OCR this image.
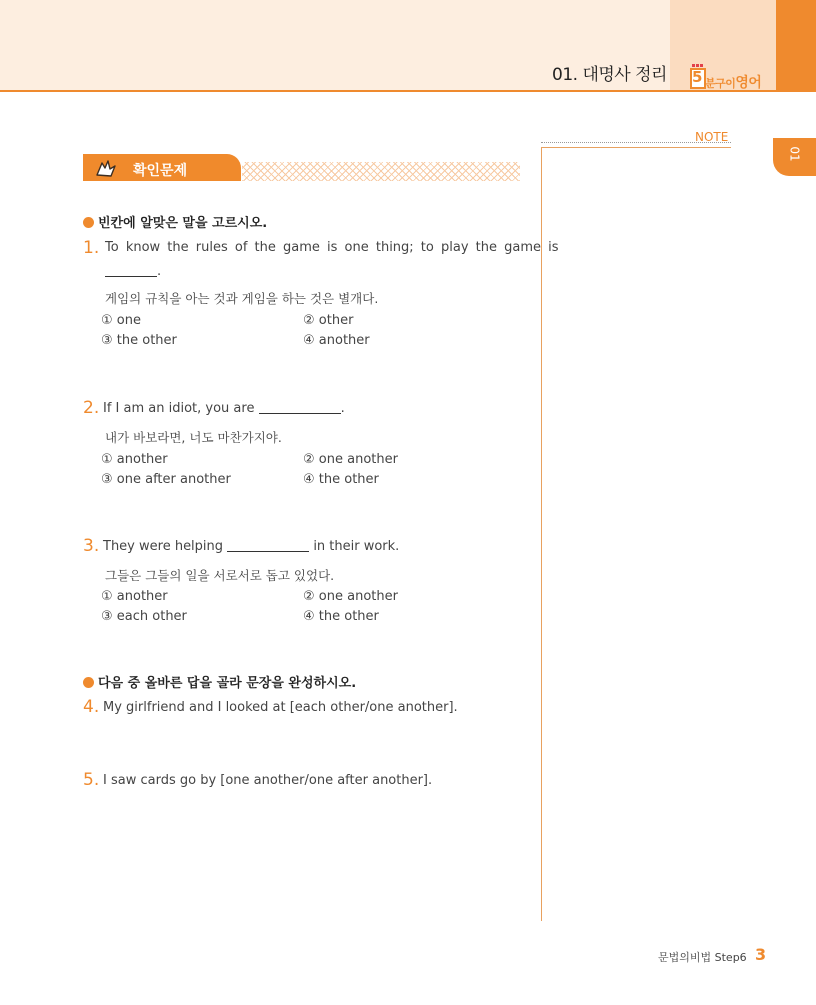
01. 대명사 정리 5 분구이영어
01
NOTE
확인문제
빈칸에 알맞은 말을 고르시오.
1. To know the rules of the game is one thing; to play the game is
.
게임의 규칙을 아는 것과 게임을 하는 것은 별개다.
① one	② other
③ the other	④ another
2. If I am an idiot, you are	.
내가 바보라면, 너도 마찬가지야.
① another	② one another
③ one after another	④ the other
3. They were helping	in their work.
그들은 그들의 일을 서로서로 돕고 있었다.
① another	② one another
③ each other	④ the other
다음 중 올바른 답을 골라 문장을 완성하시오.
4. My girlfriend and I looked at [each other/one another].
5. I saw cards go by [one another/one after another].
문법의비법 Step6 3
